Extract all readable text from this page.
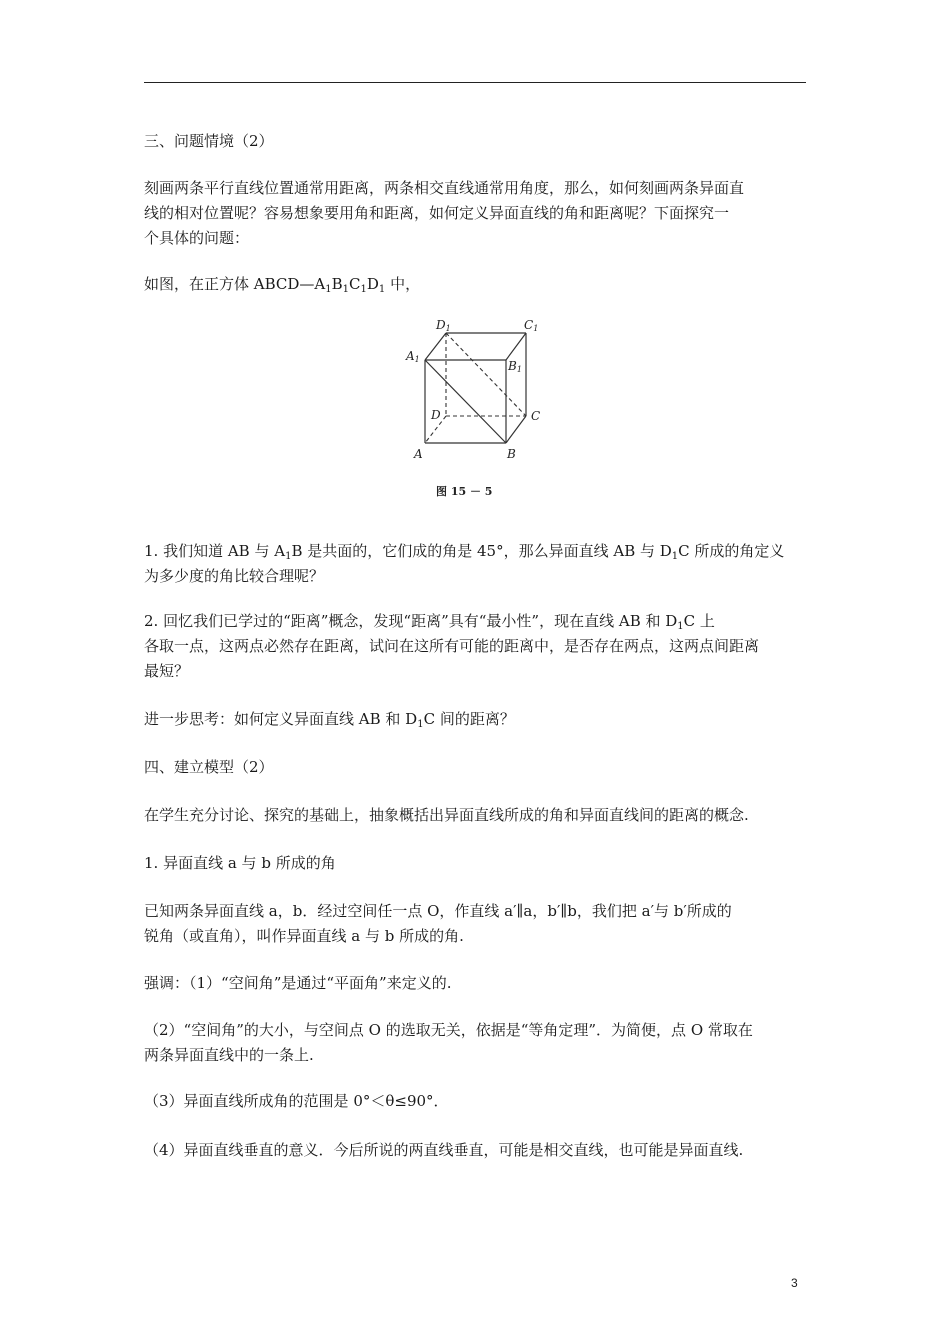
三、问题情境（2）

刻画两条平行直线位置通常用距离，两条相交直线通常用角度，那么，如何刻画两条异面直
线的相对位置呢？容易想象要用角和距离，如何定义异面直线的角和距离呢？下面探究一
个具体的问题：

如图，在正方体 $ABCD—A_1B_1C_1D_1$ 中，

D1	C1
A1	B1
D	C
A	B
图 15 － 5

1. 我们知道 AB 与 $A_1B$ 是共面的，它们成的角是 45°，那么异面直线 AB 与 $D_1C$ 所成的角定义
为多少度的角比较合理呢？

2. 回忆我们已学过的“距离”概念，发现“距离”具有“最小性”，现在直线 AB 和 $D_1C$ 上
各取一点，这两点必然存在距离，试问在这所有可能的距离中，是否存在两点，这两点间距离
最短？

进一步思考：如何定义异面直线 AB 和 $D_1C$ 间的距离？

四、建立模型（2）

在学生充分讨论、探究的基础上，抽象概括出异面直线所成的角和异面直线间的距离的概念.

1. 异面直线 a 与 b 所成的角

已知两条异面直线 a，b．经过空间任一点 O，作直线 a′∥a，b′∥b，我们把 a′与 b′所成的
锐角（或直角），叫作异面直线 a 与 b 所成的角.

强调：（1）“空间角”是通过“平面角”来定义的.

（2）“空间角”的大小，与空间点 O 的选取无关，依据是“等角定理”．为简便，点 O 常取在
两条异面直线中的一条上.

（3）异面直线所成角的范围是 0°＜θ≤90°．

（4）异面直线垂直的意义．今后所说的两直线垂直，可能是相交直线，也可能是异面直线.

3
